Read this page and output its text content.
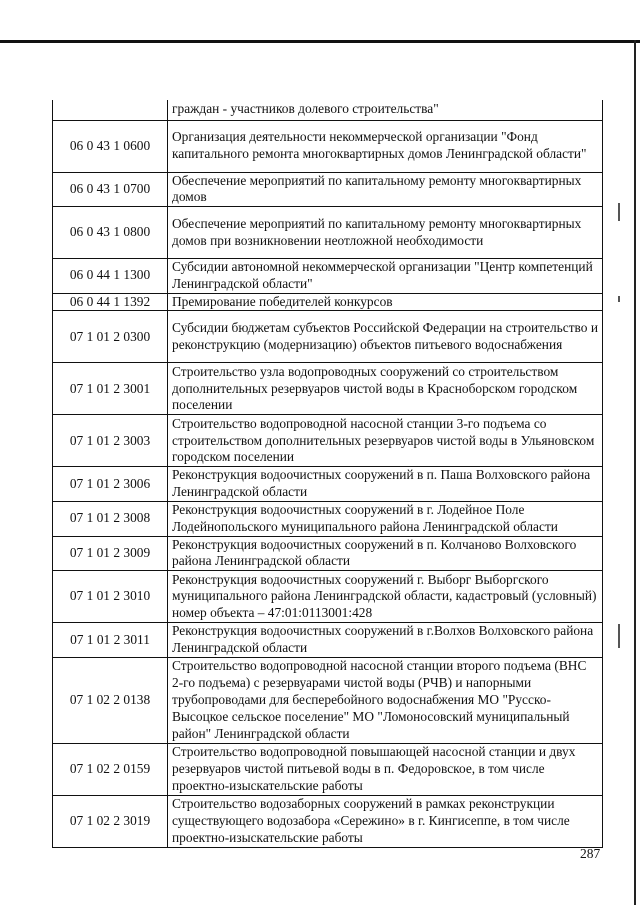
	граждан - участников долевого строительства"
06 0 43 1 0600	Организация деятельности некоммерческой организации "Фонд капитального ремонта многоквартирных домов Ленинградской области"
06 0 43 1 0700	Обеспечение мероприятий по капитальному ремонту многоквартирных домов
06 0 43 1 0800	Обеспечение мероприятий по капитальному ремонту многоквартирных домов при возникновении неотложной необходимости
06 0 44 1 1300	Субсидии автономной некоммерческой организации "Центр компетенций Ленинградской области"
06 0 44 1 1392	Премирование победителей конкурсов
07 1 01 2 0300	Субсидии бюджетам субъектов Российской Федерации на строительство и реконструкцию (модернизацию) объектов питьевого водоснабжения
07 1 01 2 3001	Строительство узла водопроводных сооружений со строительством дополнительных резервуаров чистой воды в Красноборском городском поселении
07 1 01 2 3003	Строительство водопроводной насосной станции 3-го подъема со строительством дополнительных резервуаров чистой воды в Ульяновском городском поселении
07 1 01 2 3006	Реконструкция водоочистных сооружений в п. Паша Волховского района Ленинградской области
07 1 01 2 3008	Реконструкция водоочистных сооружений в г. Лодейное Поле Лодейнопольского муниципального района Ленинградской области
07 1 01 2 3009	Реконструкция водоочистных сооружений в п. Колчаново Волховского района Ленинградской области
07 1 01 2 3010	Реконструкция водоочистных сооружений г. Выборг Выборгского муниципального района Ленинградской области, кадастровый (условный) номер объекта – 47:01:0113001:428
07 1 01 2 3011	Реконструкция водоочистных сооружений в г.Волхов Волховского района Ленинградской области
07 1 02 2 0138	Строительство водопроводной насосной станции второго подъема (ВНС 2-го подъема) с резервуарами чистой воды (РЧВ) и напорными трубопроводами для бесперебойного водоснабжения МО "Русско-Высоцкое сельское поселение" МО "Ломоносовский муниципальный район" Ленинградской области
07 1 02 2 0159	Строительство водопроводной повышающей насосной станции и двух резервуаров чистой питьевой воды в п. Федоровское, в том числе проектно-изыскательские работы
07 1 02 2 3019	Строительство водозаборных сооружений в рамках реконструкции существующего водозабора «Сережино» в г. Кингисеппе, в том числе проектно-изыскательские работы
287
